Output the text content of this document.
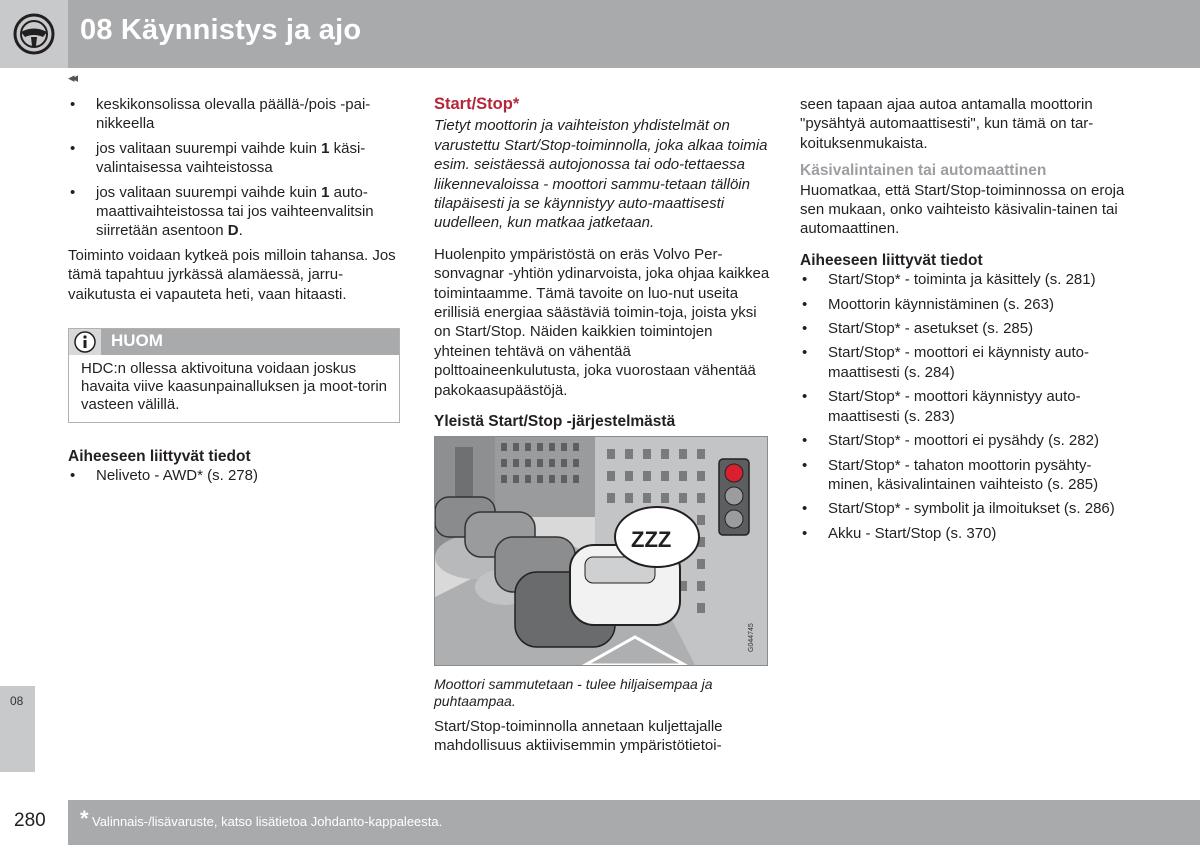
08 Käynnistys ja ajo
◂◂
• keskikonsolissa olevalla päällä-/pois -pai-nikkeella
• jos valitaan suurempi vaihde kuin 1 käsi-valintaisessa vaihteistossa
• jos valitaan suurempi vaihde kuin 1 auto-maattivaihteistossa tai jos vaihteenvalitsin siirretään asentoon D.

Toiminto voidaan kytkeä pois milloin tahansa. Jos tämä tapahtuu jyrkässä alamäessä, jarru-vaikutusta ei vapauteta heti, vaan hitaasti.

HUOM
HDC:n ollessa aktivoituna voidaan joskus havaita viive kaasunpainalluksen ja moot-torin vasteen välillä.

Aiheeseen liittyvät tiedot

• Neliveto - AWD* (s. 278)

Start/Stop*

Tietyt moottorin ja vaihteiston yhdistelmät on varustettu Start/Stop-toiminnolla, joka alkaa toimia esim. seistäessä autojonossa tai odo-tettaessa liikennevaloissa - moottori sammu-tetaan tällöin tilapäisesti ja se käynnistyy auto-maattisesti uudelleen, kun matkaa jatketaan.

Huolenpito ympäristöstä on eräs Volvo Per-sonvagnar -yhtiön ydinarvoista, joka ohjaa kaikkea toimintaamme. Tämä tavoite on luo-nut useita erillisiä energiaa säästäviä toimin-toja, joista yksi on Start/Stop. Näiden kaikkien toimintojen yhteinen tehtävä on vähentää polttoaineenkulutusta, joka vuorostaan vähentää pakokaasupäästöjä.

Yleistä Start/Stop -järjestelmästä

ZZZ
G044745

Moottori sammutetaan - tulee hiljaisempaa ja puhtaampaa.

Start/Stop-toiminnolla annetaan kuljettajalle mahdollisuus aktiivisemmin ympäristötietoi-

seen tapaan ajaa autoa antamalla moottorin "pysähtyä automaattisesti", kun tämä on tar-koituksenmukaista.

Käsivalintainen tai automaattinen

Huomatkaa, että Start/Stop-toiminnossa on eroja sen mukaan, onko vaihteisto käsivalin-tainen tai automaattinen.

Aiheeseen liittyvät tiedot

• Start/Stop* - toiminta ja käsittely (s. 281)
• Moottorin käynnistäminen (s. 263)
• Start/Stop* - asetukset (s. 285)
• Start/Stop* - moottori ei käynnisty auto-maattisesti (s. 284)
• Start/Stop* - moottori käynnistyy auto-maattisesti (s. 283)
• Start/Stop* - moottori ei pysähdy (s. 282)
• Start/Stop* - tahaton moottorin pysähty-minen, käsivalintainen vaihteisto (s. 285)
• Start/Stop* - symbolit ja ilmoitukset (s. 286)
• Akku - Start/Stop (s. 370)
08
280 * Valinnais-/lisävaruste, katso lisätietoa Johdanto-kappaleesta.
